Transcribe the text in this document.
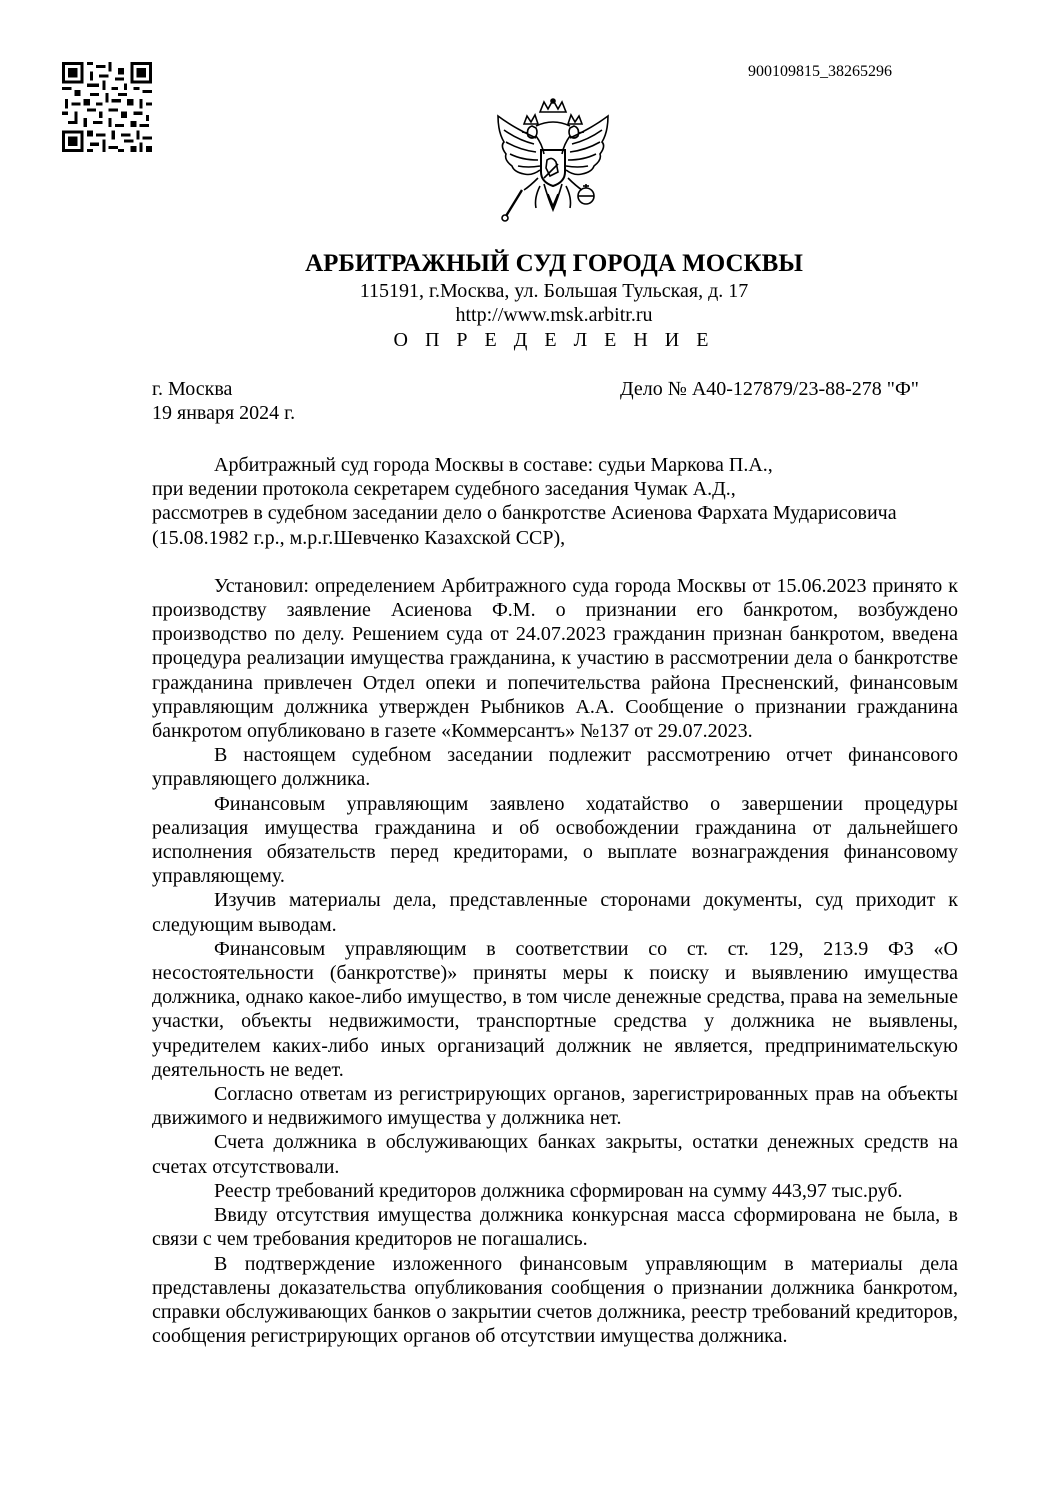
900109815_38265296
АРБИТРАЖНЫЙ СУД ГОРОДА МОСКВЫ
115191, г.Москва, ул. Большая Тульская, д. 17
http://www.msk.arbitr.ru
О П Р Е Д Е Л Е Н И Е
г. Москва
19 января 2024 г.
Дело № А40-127879/23-88-278 "Ф"
Арбитражный суд города Москвы в составе: судьи Маркова П.А.,
при ведении протокола секретарем судебного заседания Чумак А.Д.,
рассмотрев в судебном заседании дело о банкротстве Асиенова Фархата Мударисовича
(15.08.1982 г.р., м.р.г.Шевченко Казахской ССР),

Установил: определением Арбитражного суда города Москвы от 15.06.2023 принято к производству заявление Асиенова Ф.М. о признании его банкротом, возбуждено производство по делу. Решением суда от 24.07.2023 гражданин признан банкротом, введена процедура реализации имущества гражданина, к участию в рассмотрении дела о банкротстве гражданина привлечен Отдел опеки и попечительства района Пресненский, финансовым управляющим должника утвержден Рыбников А.А. Сообщение о признании гражданина банкротом опубликовано в газете «Коммерсантъ» №137 от 29.07.2023.

В настоящем судебном заседании подлежит рассмотрению отчет финансового управляющего должника.

Финансовым управляющим заявлено ходатайство о завершении процедуры реализация имущества гражданина и об освобождении гражданина от дальнейшего исполнения обязательств перед кредиторами, о выплате вознаграждения финансовому управляющему.

Изучив материалы дела, представленные сторонами документы, суд приходит к следующим выводам.

Финансовым управляющим в соответствии со ст. ст. 129, 213.9 ФЗ «О несостоятельности (банкротстве)» приняты меры к поиску и выявлению имущества должника, однако какое-либо имущество, в том числе денежные средства, права на земельные участки, объекты недвижимости, транспортные средства у должника не выявлены, учредителем каких-либо иных организаций должник не является, предпринимательскую деятельность не ведет.

Согласно ответам из регистрирующих органов, зарегистрированных прав на объекты движимого и недвижимого имущества у должника нет.

Счета должника в обслуживающих банках закрыты, остатки денежных средств на счетах отсутствовали.

Реестр требований кредиторов должника сформирован на сумму 443,97 тыс.руб.

Ввиду отсутствия имущества должника конкурсная масса сформирована не была, в связи с чем требования кредиторов не погашались.

В подтверждение изложенного финансовым управляющим в материалы дела представлены доказательства опубликования сообщения о признании должника банкротом, справки обслуживающих банков о закрытии счетов должника, реестр требований кредиторов, сообщения регистрирующих органов об отсутствии имущества должника.
